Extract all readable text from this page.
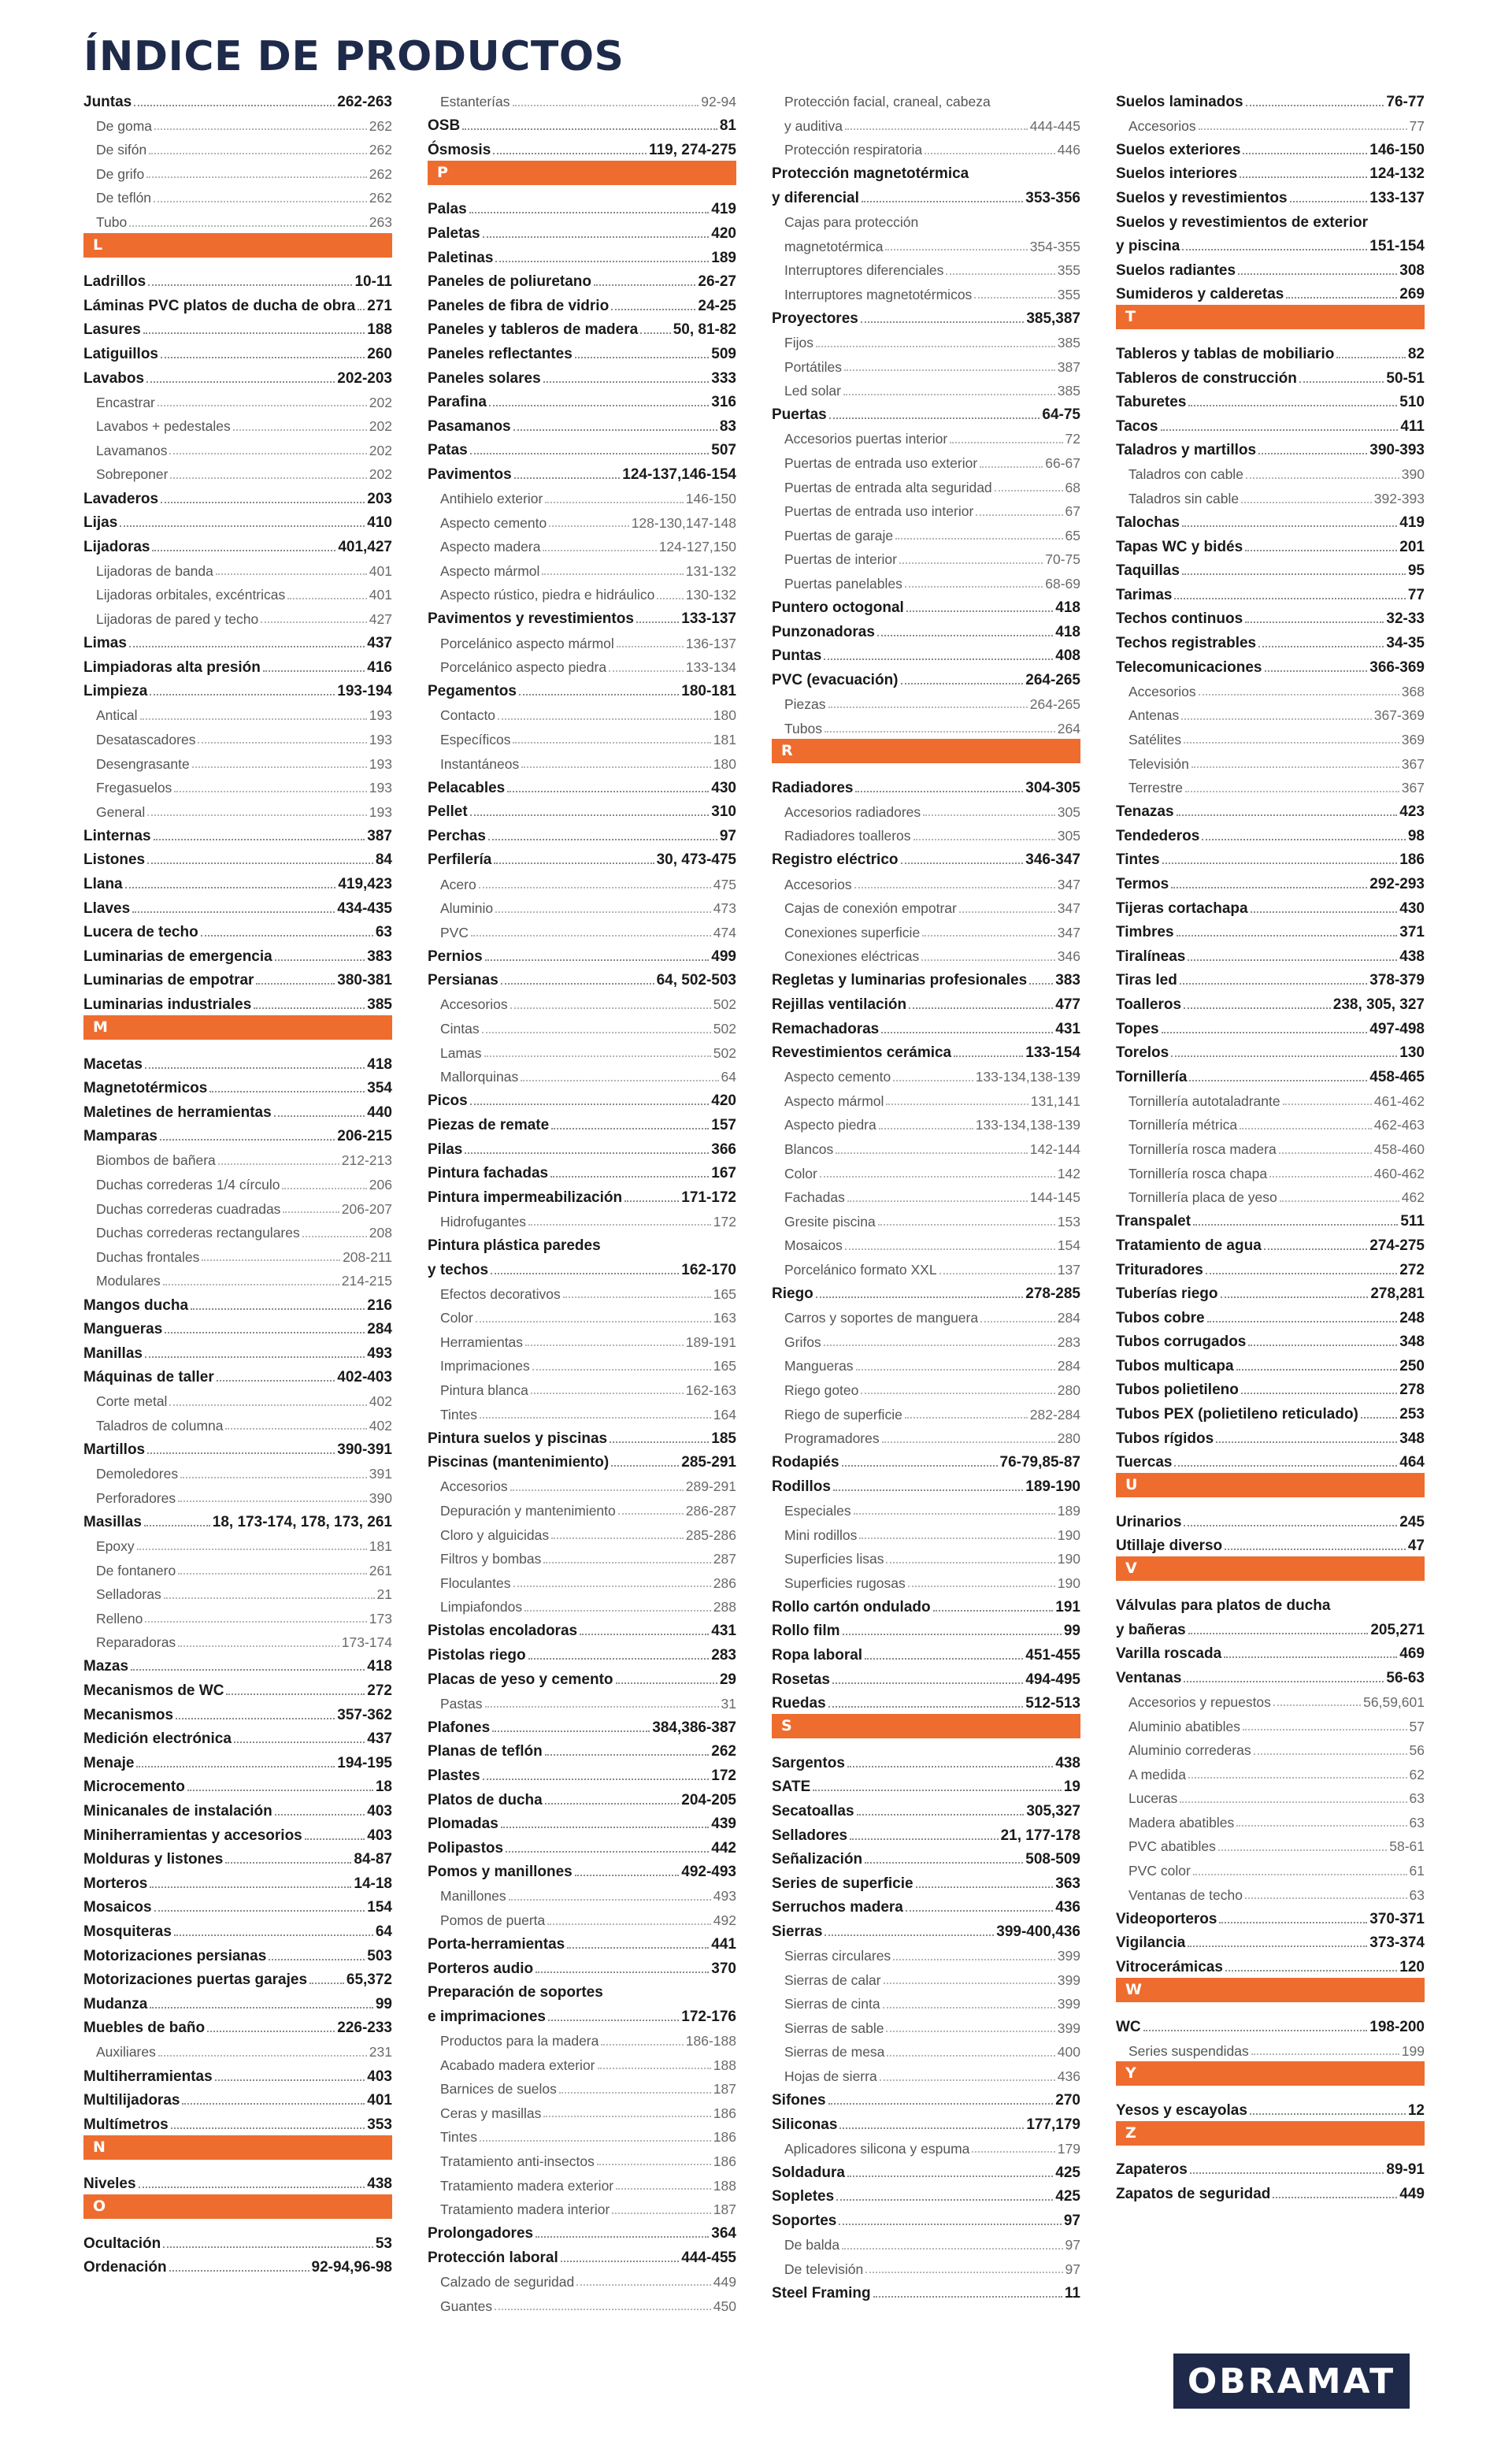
ÍNDICE DE PRODUCTOS
Juntas	262-263
De goma	262
De sifón	262
De grifo	262
De teflón	262
Tubo	263
L
Ladrillos	10-11
Láminas PVC platos de ducha de obra 271
Lasures	188
Latiguillos	260
Lavabos	202-203
Encastrar	202
Lavabos + pedestales	202
Lavamanos	202
Sobreponer	202
Lavaderos	203
Lijas	410
Lijadoras	401,427
Lijadoras de banda	401
Lijadoras orbitales, excéntricas	401
Lijadoras de pared y techo	427
Limas	437
Limpiadoras alta presión	416
Limpieza	193-194
Antical	193
Desatascadores	193
Desengrasante	193
Fregasuelos	193
General	193
Linternas	387
Listones	84
Llana	419,423
Llaves	434-435
Lucera de techo	63
Luminarias de emergencia	383
Luminarias de empotrar	380-381
Luminarias industriales	385
M
Macetas	418
Magnetotérmicos	354
Maletines de herramientas	440
Mamparas	206-215
Biombos de bañera	212-213
Duchas correderas 1/4 círculo	206
Duchas correderas cuadradas	206-207
Duchas correderas rectangulares	208
Duchas frontales	208-211
Modulares	214-215
Mangos ducha	216
Mangueras	284
Manillas	493
Máquinas de taller	402-403
Corte metal	402
Taladros de columna	402
Martillos	390-391
Demoledores	391
Perforadores	390
Masillas	18, 173-174, 178, 173, 261
Epoxy	181
De fontanero	261
Selladoras	21
Relleno	173
Reparadoras	173-174
Mazas	418
Mecanismos de WC	272
Mecanismos	357-362
Medición electrónica	437
Menaje	194-195
Microcemento	18
Minicanales de instalación	403
Miniherramientas y accesorios	403
Molduras y listones	84-87
Morteros	14-18
Mosaicos	154
Mosquiteras	64
Motorizaciones persianas	503
Motorizaciones puertas garajes	65,372
Mudanza	99
Muebles de baño	226-233
Auxiliares	231
Multiherramientas	403
Multilijadoras	401
Multímetros	353
N
Niveles	438
O
Ocultación	53
Ordenación	92-94,96-98
Estanterías	92-94
OSB	81
Ósmosis	119, 274-275
P
Palas	419
Paletas	420
Paletinas	189
Paneles de poliuretano	26-27
Paneles de fibra de vidrio	24-25
Paneles y tableros de madera 50, 81-82
Paneles reflectantes	509
Paneles solares	333
Parafina	316
Pasamanos	83
Patas	507
Pavimentos	124-137,146-154
Antihielo exterior	146-150
Aspecto cemento	128-130,147-148
Aspecto madera	124-127,150
Aspecto mármol	131-132
Aspecto rústico, piedra e hidráulico 130-132
Pavimentos y revestimientos	133-137
Porcelánico aspecto mármol	136-137
Porcelánico aspecto piedra	133-134
Pegamentos	180-181
Contacto	180
Específicos	181
Instantáneos	180
Pelacables	430
Pellet	310
Perchas	97
Perfilería	30, 473-475
Acero	475
Aluminio	473
PVC	474
Pernios	499
Persianas	64, 502-503
Accesorios	502
Cintas	502
Lamas	502
Mallorquinas	64
Picos	420
Piezas de remate	157
Pilas	366
Pintura fachadas	167
Pintura impermeabilización	171-172
Hidrofugantes	172
Pintura plástica paredes
y techos	162-170
Efectos decorativos	165
Color	163
Herramientas	189-191
Imprimaciones	165
Pintura blanca	162-163
Tintes	164
Pintura suelos y piscinas	185
Piscinas (mantenimiento)	285-291
Accesorios	289-291
Depuración y mantenimiento	286-287
Cloro y alguicidas	285-286
Filtros y bombas	287
Floculantes	286
Limpiafondos	288
Pistolas encoladoras	431
Pistolas riego	283
Placas de yeso y cemento	29
Pastas	31
Plafones	384,386-387
Planas de teflón	262
Plastes	172
Platos de ducha	204-205
Plomadas	439
Polipastos	442
Pomos y manillones	492-493
Manillones	493
Pomos de puerta	492
Porta-herramientas	441
Porteros audio	370
Preparación de soportes
e imprimaciones	172-176
Productos para la madera	186-188
Acabado madera exterior	188
Barnices de suelos	187
Ceras y masillas	186
Tintes	186
Tratamiento anti-insectos	186
Tratamiento madera exterior	188
Tratamiento madera interior	187
Prolongadores	364
Protección laboral	444-455
Calzado de seguridad	449
Guantes	450
Protección facial, craneal, cabeza
y auditiva	444-445
Protección respiratoria	446
Protección magnetotérmica
y diferencial	353-356
Cajas para protección
magnetotérmica	354-355
Interruptores diferenciales	355
Interruptores magnetotérmicos	355
Proyectores	385,387
Fijos	385
Portátiles	387
Led solar	385
Puertas	64-75
Accesorios puertas interior	72
Puertas de entrada uso exterior	66-67
Puertas de entrada alta seguridad	68
Puertas de entrada uso interior	67
Puertas de garaje	65
Puertas de interior	70-75
Puertas panelables	68-69
Puntero octogonal	418
Punzonadoras	418
Puntas	408
PVC (evacuación)	264-265
Piezas	264-265
Tubos	264
R
Radiadores	304-305
Accesorios radiadores	305
Radiadores toalleros	305
Registro eléctrico	346-347
Accesorios	347
Cajas de conexión empotrar	347
Conexiones superficie	347
Conexiones eléctricas	346
Regletas y luminarias profesionales 383
Rejillas ventilación	477
Remachadoras	431
Revestimientos cerámica	133-154
Aspecto cemento	133-134,138-139
Aspecto mármol	131,141
Aspecto piedra	133-134,138-139
Blancos	142-144
Color	142
Fachadas	144-145
Gresite piscina	153
Mosaicos	154
Porcelánico formato XXL	137
Riego	278-285
Carros y soportes de manguera	284
Grifos	283
Mangueras	284
Riego goteo	280
Riego de superficie	282-284
Programadores	280
Rodapiés	76-79,85-87
Rodillos	189-190
Especiales	189
Mini rodillos	190
Superficies lisas	190
Superficies rugosas	190
Rollo cartón ondulado	191
Rollo film	99
Ropa laboral	451-455
Rosetas	494-495
Ruedas	512-513
S
Sargentos	438
SATE	19
Secatoallas	305,327
Selladores	21, 177-178
Señalización	508-509
Series de superficie	363
Serruchos madera	436
Sierras	399-400,436
Sierras circulares	399
Sierras de calar	399
Sierras de cinta	399
Sierras de sable	399
Sierras de mesa	400
Hojas de sierra	436
Sifones	270
Siliconas	177,179
Aplicadores silicona y espuma	179
Soldadura	425
Sopletes	425
Soportes	97
De balda	97
De televisión	97
Steel Framing	11
Suelos laminados	76-77
Accesorios	77
Suelos exteriores	146-150
Suelos interiores	124-132
Suelos y revestimientos	133-137
Suelos y revestimientos de exterior
y piscina	151-154
Suelos radiantes	308
Sumideros y calderetas	269
T
Tableros y tablas de mobiliario	82
Tableros de construcción	50-51
Taburetes	510
Tacos	411
Taladros y martillos	390-393
Taladros con cable	390
Taladros sin cable	392-393
Talochas	419
Tapas WC y bidés	201
Taquillas	95
Tarimas	77
Techos continuos	32-33
Techos registrables	34-35
Telecomunicaciones	366-369
Accesorios	368
Antenas	367-369
Satélites	369
Televisión	367
Terrestre	367
Tenazas	423
Tendederos	98
Tintes	186
Termos	292-293
Tijeras cortachapa	430
Timbres	371
Tiralíneas	438
Tiras led	378-379
Toalleros	238, 305, 327
Topes	497-498
Torelos	130
Tornillería	458-465
Tornillería autotaladrante	461-462
Tornillería métrica	462-463
Tornillería rosca madera	458-460
Tornillería rosca chapa	460-462
Tornillería placa de yeso	462
Transpalet	511
Tratamiento de agua	274-275
Trituradores	272
Tuberías riego	278,281
Tubos cobre	248
Tubos corrugados	348
Tubos multicapa	250
Tubos polietileno	278
Tubos PEX (polietileno reticulado)	253
Tubos rígidos	348
Tuercas	464
U
Urinarios	245
Utillaje diverso	47
V
Válvulas para platos de ducha
y bañeras	205,271
Varilla roscada	469
Ventanas	56-63
Accesorios y repuestos	56,59,601
Aluminio abatibles	57
Aluminio correderas	56
A medida	62
Luceras	63
Madera abatibles	63
PVC abatibles	58-61
PVC color	61
Ventanas de techo	63
Videoporteros	370-371
Vigilancia	373-374
Vitrocerámicas	120
W
WC	198-200
Series suspendidas	199
Y
Yesos y escayolas	12
Z
Zapateros	89-91
Zapatos de seguridad	449
OBRAMAT
